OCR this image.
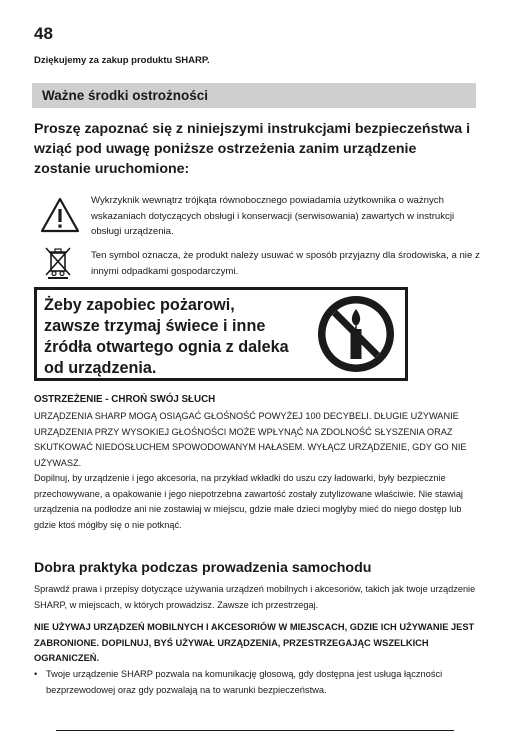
48
Dziękujemy za zakup produktu SHARP.
Ważne środki ostrożności
Proszę zapoznać się z niniejszymi instrukcjami bezpieczeństwa i wziąć pod uwagę poniższe ostrzeżenia zanim urządzenie zostanie uruchomione:
Wykrzyknik wewnątrz trójkąta równobocznego powiadamia użytkownika o ważnych wskazaniach dotyczących obsługi i konserwacji (serwisowania) zawartych w instrukcji obsługi urządzenia.
Ten symbol oznacza, że produkt należy usuwać w sposób przyjazny dla środowiska, a nie z innymi odpadkami gospodarczymi.
Żeby zapobiec pożarowi, zawsze trzymaj świece i inne źródła otwartego ognia z daleka od urządzenia.
OSTRZEŻENIE - CHROŃ SWÓJ SŁUCH
URZĄDZENIA SHARP MOGĄ OSIĄGAĆ GŁOŚNOŚĆ POWYŻEJ 100 DECYBELI. DŁUGIE UŻYWANIE URZĄDZENIA PRZY WYSOKIEJ GŁOŚNOŚCI MOŻE WPŁYNĄĆ NA ZDOLNOŚĆ SŁYSZENIA ORAZ SKUTKOWAĆ NIEDOSŁUCHEM SPOWODOWANYM HAŁASEM. WYŁĄCZ URZĄDZENIE, GDY GO NIE UŻYWASZ.
Dopilnuj, by urządzenie i jego akcesoria, na przykład wkładki do uszu czy ładowarki, były bezpiecznie przechowywane, a opakowanie i jego niepotrzebna zawartość zostały zutylizowane właściwie. Nie stawiaj urządzenia na podłodze ani nie zostawiaj w miejscu, gdzie małe dzieci mogłyby mieć do niego dostęp lub gdzie ktoś mógłby się o nie potknąć.
Dobra praktyka podczas prowadzenia samochodu
Sprawdź prawa i przepisy dotyczące używania urządzeń mobilnych i akcesoriów, takich jak twoje urządzenie SHARP, w miejscach, w których prowadzisz. Zawsze ich przestrzegaj.
NIE UŻYWAJ URZĄDZEŃ MOBILNYCH I AKCESORIÓW W MIEJSCACH, GDZIE ICH UŻYWANIE JEST ZABRONIONE. DOPILNUJ, BYŚ UŻYWAŁ URZĄDZENIA, PRZESTRZEGAJĄC WSZELKICH OGRANICZEŃ.
• Twoje urządzenie SHARP pozwala na komunikację głosową, gdy dostępna jest usługa łączności bezprzewodowej oraz gdy pozwalają na to warunki bezpieczeństwa.
